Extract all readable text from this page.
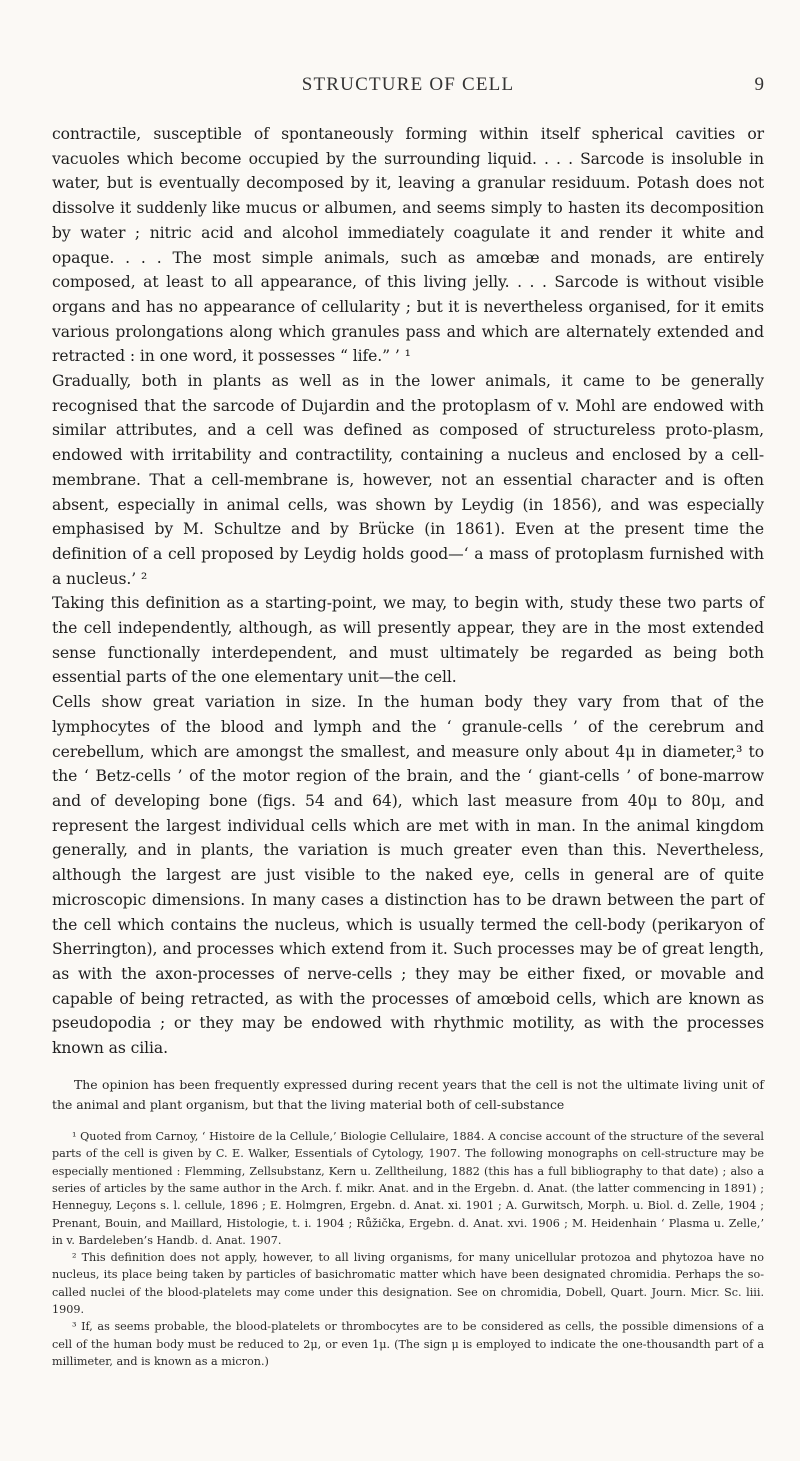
STRUCTURE OF CELL	9

contractile, susceptible of spontaneously forming within itself spherical cavities or vacuoles which become occupied by the surrounding liquid. . . . Sarcode is insoluble in water, but is eventually decomposed by it, leaving a granular residuum. Potash does not dissolve it suddenly like mucus or albumen, and seems simply to hasten its decomposition by water ; nitric acid and alcohol immediately coagulate it and render it white and opaque. . . . The most simple animals, such as amœbæ and monads, are entirely composed, at least to all appearance, of this living jelly. . . . Sarcode is without visible organs and has no appearance of cellularity ; but it is nevertheless organised, for it emits various prolongations along which granules pass and which are alternately extended and retracted : in one word, it possesses “ life.” ’ ¹

Gradually, both in plants as well as in the lower animals, it came to be generally recognised that the sarcode of Dujardin and the protoplasm of v. Mohl are endowed with similar attributes, and a cell was defined as composed of structureless proto-plasm, endowed with irritability and contractility, containing a nucleus and enclosed by a cell-membrane. That a cell-membrane is, however, not an essential character and is often absent, especially in animal cells, was shown by Leydig (in 1856), and was especially emphasised by M. Schultze and by Brücke (in 1861). Even at the present time the definition of a cell proposed by Leydig holds good—‘ a mass of protoplasm furnished with a nucleus.’ ²

Taking this definition as a starting-point, we may, to begin with, study these two parts of the cell independently, although, as will presently appear, they are in the most extended sense functionally interdependent, and must ultimately be regarded as being both essential parts of the one elementary unit—the cell.

Cells show great variation in size. In the human body they vary from that of the lymphocytes of the blood and lymph and the ‘ granule-cells ’ of the cerebrum and cerebellum, which are amongst the smallest, and measure only about 4μ in diameter,³ to the ‘ Betz-cells ’ of the motor region of the brain, and the ‘ giant-cells ’ of bone-marrow and of developing bone (figs. 54 and 64), which last measure from 40μ to 80μ, and represent the largest individual cells which are met with in man. In the animal kingdom generally, and in plants, the variation is much greater even than this. Nevertheless, although the largest are just visible to the naked eye, cells in general are of quite microscopic dimensions. In many cases a distinction has to be drawn between the part of the cell which contains the nucleus, which is usually termed the cell-body (perikaryon of Sherrington), and processes which extend from it. Such processes may be of great length, as with the axon-processes of nerve-cells ; they may be either fixed, or movable and capable of being retracted, as with the processes of amœboid cells, which are known as pseudopodia ; or they may be endowed with rhythmic motility, as with the processes known as cilia.

The opinion has been frequently expressed during recent years that the cell is not the ultimate living unit of the animal and plant organism, but that the living material both of cell-substance

¹ Quoted from Carnoy, ‘ Histoire de la Cellule,’ Biologie Cellulaire, 1884. A concise account of the structure of the several parts of the cell is given by C. E. Walker, Essentials of Cytology, 1907. The following monographs on cell-structure may be especially mentioned : Flemming, Zellsubstanz, Kern u. Zelltheilung, 1882 (this has a full bibliography to that date) ; also a series of articles by the same author in the Arch. f. mikr. Anat. and in the Ergebn. d. Anat. (the latter commencing in 1891) ; Henneguy, Leçons s. l. cellule, 1896 ; E. Holmgren, Ergebn. d. Anat. xi. 1901 ; A. Gurwitsch, Morph. u. Biol. d. Zelle, 1904 ; Prenant, Bouin, and Maillard, Histologie, t. i. 1904 ; Růžička, Ergebn. d. Anat. xvi. 1906 ; M. Heidenhain ‘ Plasma u. Zelle,’ in v. Bardeleben’s Handb. d. Anat. 1907.

² This definition does not apply, however, to all living organisms, for many unicellular protozoa and phytozoa have no nucleus, its place being taken by particles of basichromatic matter which have been designated chromidia. Perhaps the so-called nuclei of the blood-platelets may come under this designation. See on chromidia, Dobell, Quart. Journ. Micr. Sc. liii. 1909.

³ If, as seems probable, the blood-platelets or thrombocytes are to be considered as cells, the possible dimensions of a cell of the human body must be reduced to 2μ, or even 1μ. (The sign μ is employed to indicate the one-thousandth part of a millimeter, and is known as a micron.)
